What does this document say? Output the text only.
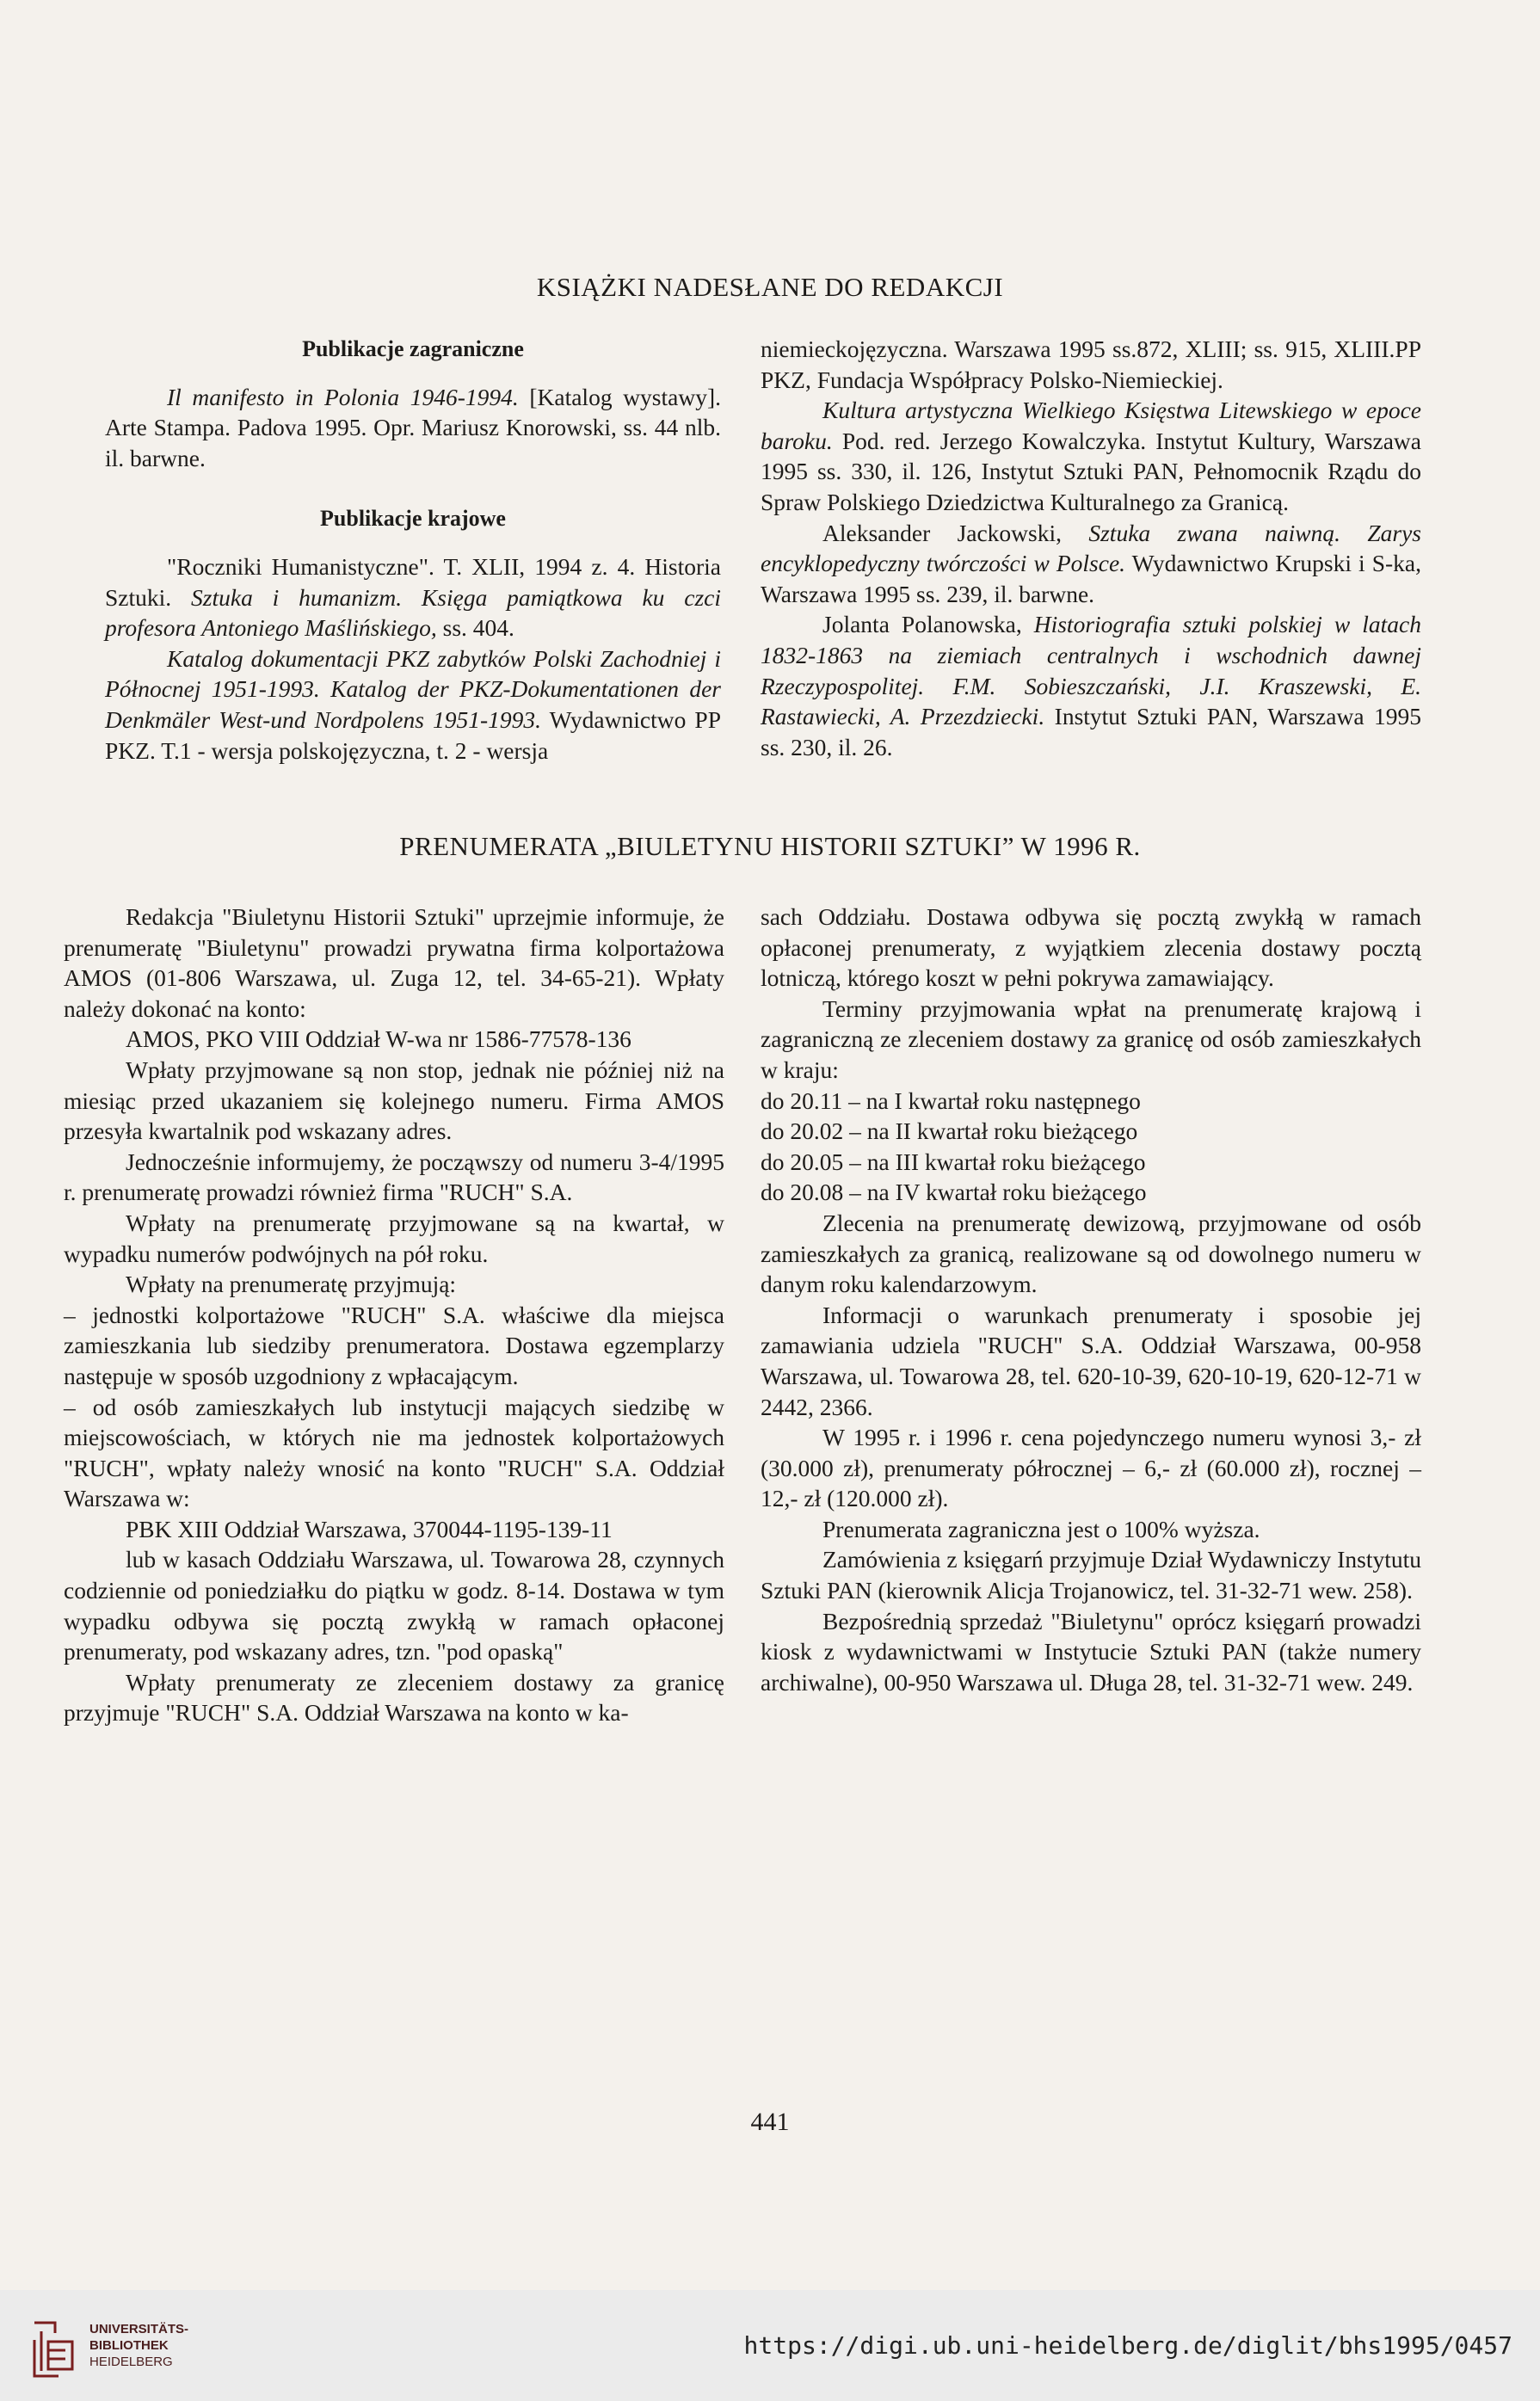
KSIĄŻKI NADESŁANE DO REDAKCJI

Publikacje zagraniczne

Il manifesto in Polonia 1946-1994. [Katalog wystawy]. Arte Stampa. Padova 1995. Opr. Mariusz Knorowski, ss. 44 nlb. il. barwne.

Publikacje krajowe

"Roczniki Humanistyczne". T. XLII, 1994 z. 4. Historia Sztuki. Sztuka i humanizm. Księga pamiątkowa ku czci profesora Antoniego Maślińskiego, ss. 404.

Katalog dokumentacji PKZ zabytków Polski Zachodniej i Północnej 1951-1993. Katalog der PKZ-Dokumentationen der Denkmäler West-und Nordpolens 1951-1993. Wydawnictwo PP PKZ. T.1 - wersja polskojęzyczna, t. 2 - wersja

niemieckojęzyczna. Warszawa 1995 ss.872, XLIII; ss. 915, XLIII.PP PKZ, Fundacja Współpracy Polsko-Niemieckiej.

Kultura artystyczna Wielkiego Księstwa Litewskiego w epoce baroku. Pod. red. Jerzego Kowalczyka. Instytut Kultury, Warszawa 1995 ss. 330, il. 126, Instytut Sztuki PAN, Pełnomocnik Rządu do Spraw Polskiego Dziedzictwa Kulturalnego za Granicą.

Aleksander Jackowski, Sztuka zwana naiwną. Zarys encyklopedyczny twórczości w Polsce. Wydawnictwo Krupski i S-ka, Warszawa 1995 ss. 239, il. barwne.

Jolanta Polanowska, Historiografia sztuki polskiej w latach 1832-1863 na ziemiach centralnych i wschodnich dawnej Rzeczypospolitej. F.M. Sobieszczański, J.I. Kraszewski, E. Rastawiecki, A. Przezdziecki. Instytut Sztuki PAN, Warszawa 1995 ss. 230, il. 26.

PRENUMERATA „BIULETYNU HISTORII SZTUKI” W 1996 R.

Redakcja "Biuletynu Historii Sztuki" uprzejmie informuje, że prenumeratę "Biuletynu" prowadzi prywatna firma kolportażowa AMOS (01-806 Warszawa, ul. Zuga 12, tel. 34-65-21). Wpłaty należy dokonać na konto:

AMOS, PKO VIII Oddział W-wa nr 1586-77578-136

Wpłaty przyjmowane są non stop, jednak nie później niż na miesiąc przed ukazaniem się kolejnego numeru. Firma AMOS przesyła kwartalnik pod wskazany adres.

Jednocześnie informujemy, że począwszy od numeru 3-4/1995 r. prenumeratę prowadzi również firma "RUCH" S.A.

Wpłaty na prenumeratę przyjmowane są na kwartał, w wypadku numerów podwójnych na pół roku.

Wpłaty na prenumeratę przyjmują:

– jednostki kolportażowe "RUCH" S.A. właściwe dla miejsca zamieszkania lub siedziby prenumeratora. Dostawa egzemplarzy następuje w sposób uzgodniony z wpłacającym.

– od osób zamieszkałych lub instytucji mających siedzibę w miejscowościach, w których nie ma jednostek kolportażowych "RUCH", wpłaty należy wnosić na konto "RUCH" S.A. Oddział Warszawa w:

PBK XIII Oddział Warszawa, 370044-1195-139-11

lub w kasach Oddziału Warszawa, ul. Towarowa 28, czynnych codziennie od poniedziałku do piątku w godz. 8-14. Dostawa w tym wypadku odbywa się pocztą zwykłą w ramach opłaconej prenumeraty, pod wskazany adres, tzn. "pod opaską"

Wpłaty prenumeraty ze zleceniem dostawy za granicę przyjmuje "RUCH" S.A. Oddział Warszawa na konto w ka-

sach Oddziału. Dostawa odbywa się pocztą zwykłą w ramach opłaconej prenumeraty, z wyjątkiem zlecenia dostawy pocztą lotniczą, którego koszt w pełni pokrywa zamawiający.

Terminy przyjmowania wpłat na prenumeratę krajową i zagraniczną ze zleceniem dostawy za granicę od osób zamieszkałych w kraju:

do 20.11 – na I kwartał roku następnego

do 20.02 – na II kwartał roku bieżącego

do 20.05 – na III kwartał roku bieżącego

do 20.08 – na IV kwartał roku bieżącego

Zlecenia na prenumeratę dewizową, przyjmowane od osób zamieszkałych za granicą, realizowane są od dowolnego numeru w danym roku kalendarzowym.

Informacji o warunkach prenumeraty i sposobie jej zamawiania udziela "RUCH" S.A. Oddział Warszawa, 00-958 Warszawa, ul. Towarowa 28, tel. 620-10-39, 620-10-19, 620-12-71 w 2442, 2366.

W 1995 r. i 1996 r. cena pojedynczego numeru wynosi 3,- zł (30.000 zł), prenumeraty półrocznej – 6,- zł (60.000 zł), rocznej – 12,- zł (120.000 zł).

Prenumerata zagraniczna jest o 100% wyższa.

Zamówienia z księgarń przyjmuje Dział Wydawniczy Instytutu Sztuki PAN (kierownik Alicja Trojanowicz, tel. 31-32-71 wew. 258).

Bezpośrednią sprzedaż "Biuletynu" oprócz księgarń prowadzi kiosk z wydawnictwami w Instytucie Sztuki PAN (także numery archiwalne), 00-950 Warszawa ul. Długa 28, tel. 31-32-71 wew. 249.

441
UNIVERSITÄTS-
BIBLIOTHEK
HEIDELBERG
https://digi.ub.uni-heidelberg.de/diglit/bhs1995/0457
